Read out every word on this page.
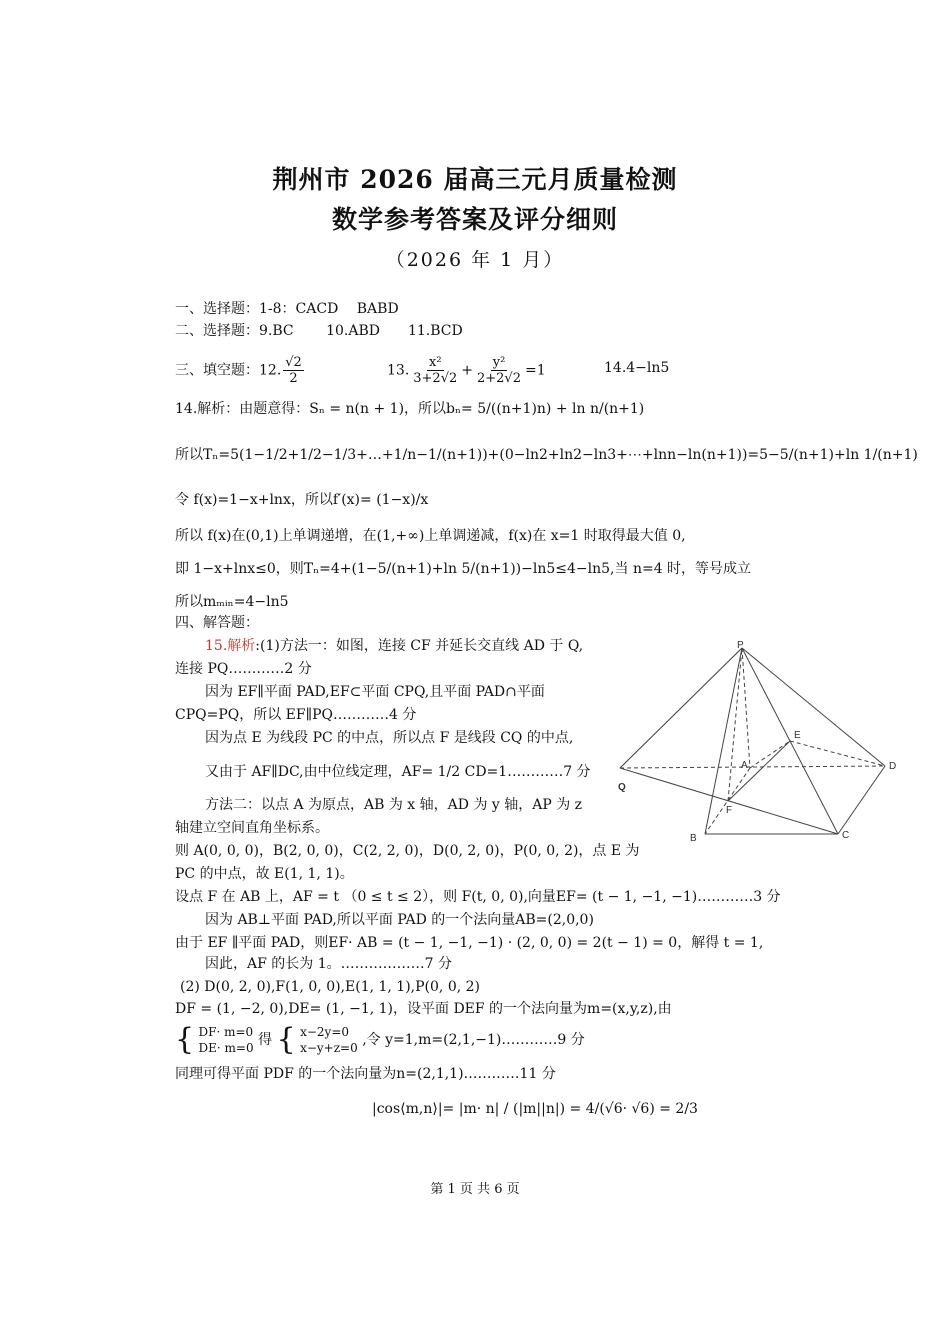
荆州市 2026 届高三元月质量检测
数学参考答案及评分细则
（2026 年 1 月）
一、选择题：1-8：CACD　 BABD
二、选择题：9.BC　　 10.ABD　　11.BCD
三、填空题：12. $\frac{√2}{2}$	13. $\frac{\text{x²}}{3+2√2} + \frac{\text{y²}}{2+2√2} =1$	14.4−ln5
14.解析：由题意得：Sₙ = n(n + 1)，所以bₙ= 5/((n+1)n) + ln n/(n+1)
所以Tₙ=5(1−1/2+1/2−1/3+…+1/n−1/(n+1))+(0−ln2+ln2−ln3+⋯+lnn−ln(n+1))=5−5/(n+1)+ln 1/(n+1)
令 f(x)=1−x+lnx，所以f′(x)= (1−x)/x
所以 f(x)在(0,1)上单调递增，在(1,+∞)上单调递减，f(x)在 x=1 时取得最大值 0,
即 1−x+lnx≤0，则Tₙ=4+(1−5/(n+1)+ln 5/(n+1))−ln5≤4−ln5,当 n=4 时，等号成立
所以mₘᵢₙ=4−ln5
四、解答题：
15.解析:(1)方法一：如图，连接 CF 并延长交直线 AD 于 Q,
连接 PQ…………2 分
因为 EF∥平面 PAD,EF⊂平面 CPQ,且平面 PAD∩平面
CPQ=PQ，所以 EF∥PQ…………4 分
因为点 E 为线段 PC 的中点，所以点 F 是线段 CQ 的中点,
又由于 AF∥DC,由中位线定理，AF= 1/2 CD=1…………7 分
方法二：以点 A 为原点，AB 为 x 轴，AD 为 y 轴，AP 为 z
轴建立空间直角坐标系。
则 A(0, 0, 0)，B(2, 0, 0)，C(2, 2, 0)，D(0, 2, 0)，P(0, 0, 2)，点 E 为
PC 的中点，故 E(1, 1, 1)。
设点 F 在 AB 上，AF = t （0 ≤ t ≤ 2），则 F(t, 0, 0),向量EF= (t − 1, −1, −1)…………3 分
因为 AB⊥平面 PAD,所以平面 PAD 的一个法向量AB=(2,0,0)
由于 EF ∥平面 PAD，则EF· AB = (t − 1, −1, −1) · (2, 0, 0) = 2(t − 1) = 0，解得 t = 1,
因此，AF 的长为 1。………………7 分
(2) D(0, 2, 0),F(1, 0, 0),E(1, 1, 1),P(0, 0, 2)
DF = (1, −2, 0),DE= (1, −1, 1)，设平面 DEF 的一个法向量为m=(x,y,z),由
{ DF· m=0
DE· m=0 得 { x−2y=0
x−y+z=0 ,令 y=1,m=(2,1,−1)…………9 分
同理可得平面 PDF 的一个法向量为n=(2,1,1)…………11 分
|cos⟨m,n⟩|= |m· n| / (|m||n|) = 4/(√6· √6) = 2/3
P
E
A	D
Q
F
B	C
第 1 页 共 6 页
